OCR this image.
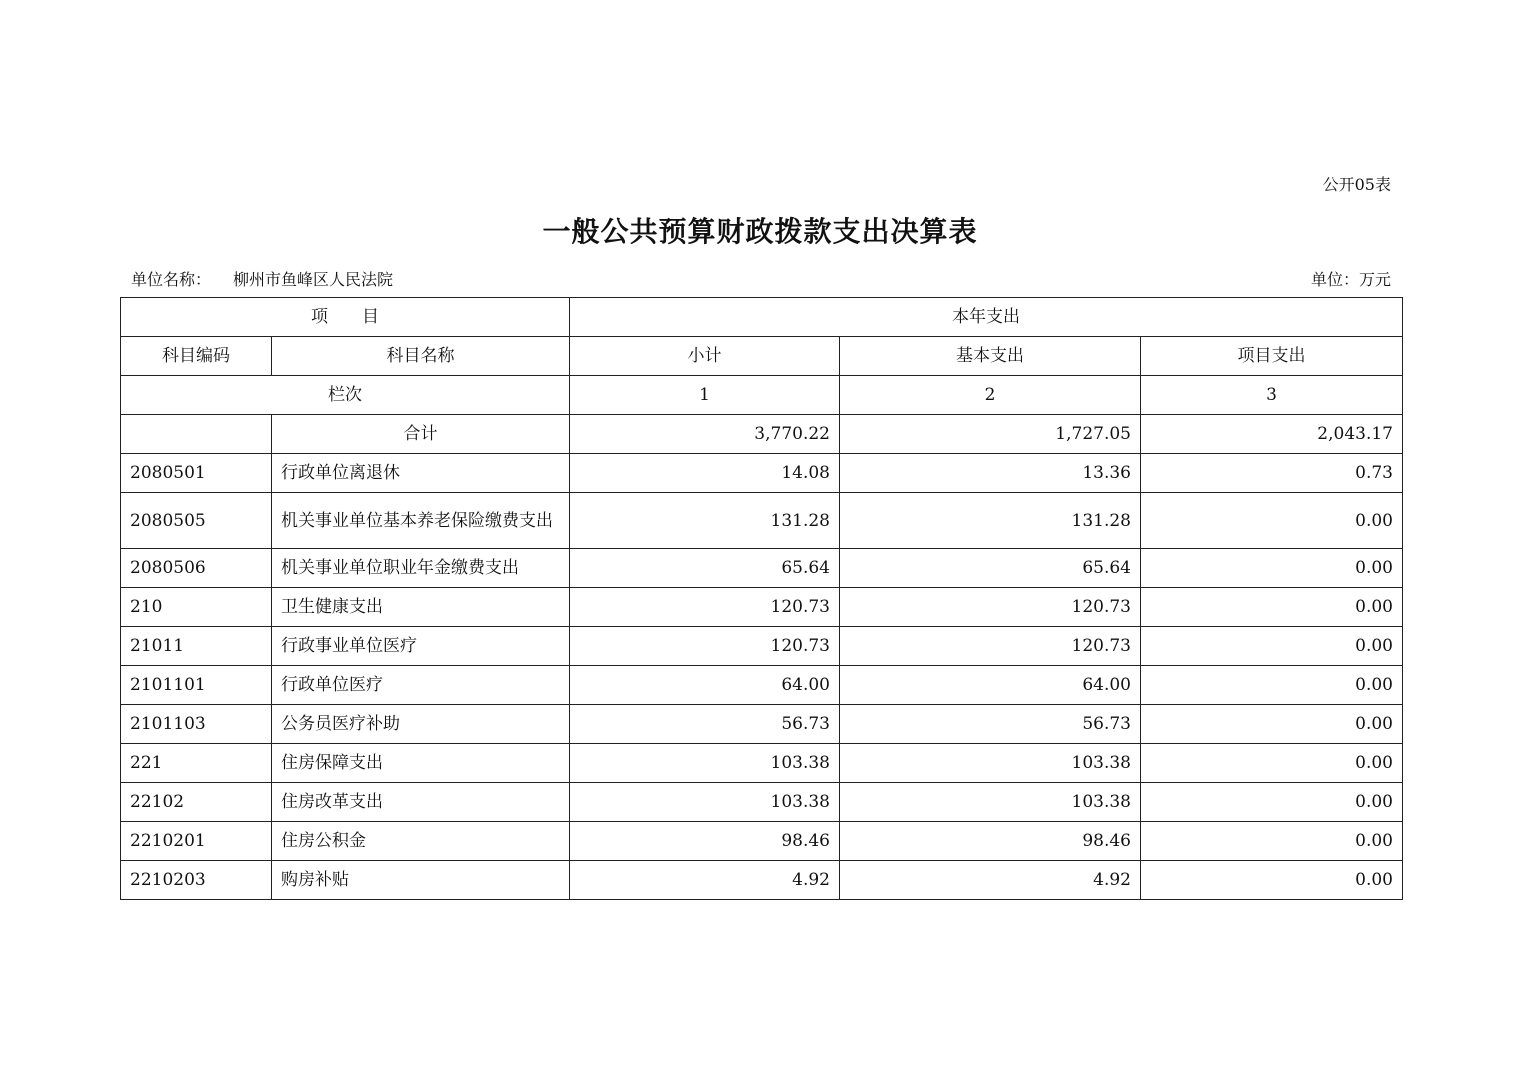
公开05表
一般公共预算财政拨款支出决算表
单位名称： 柳州市鱼峰区人民法院	单位：万元
项　　目		本年支出		
科目编码	科目名称	小计	基本支出	项目支出
栏次		1	2	3
	合计	3,770.22	1,727.05	2,043.17
2080501	行政单位离退休	14.08	13.36	0.73
2080505	机关事业单位基本养老保险缴费支出	131.28	131.28	0.00
2080506	机关事业单位职业年金缴费支出	65.64	65.64	0.00
210	卫生健康支出	120.73	120.73	0.00
21011	行政事业单位医疗	120.73	120.73	0.00
2101101	行政单位医疗	64.00	64.00	0.00
2101103	公务员医疗补助	56.73	56.73	0.00
221	住房保障支出	103.38	103.38	0.00
22102	住房改革支出	103.38	103.38	0.00
2210201	住房公积金	98.46	98.46	0.00
2210203	购房补贴	4.92	4.92	0.00
